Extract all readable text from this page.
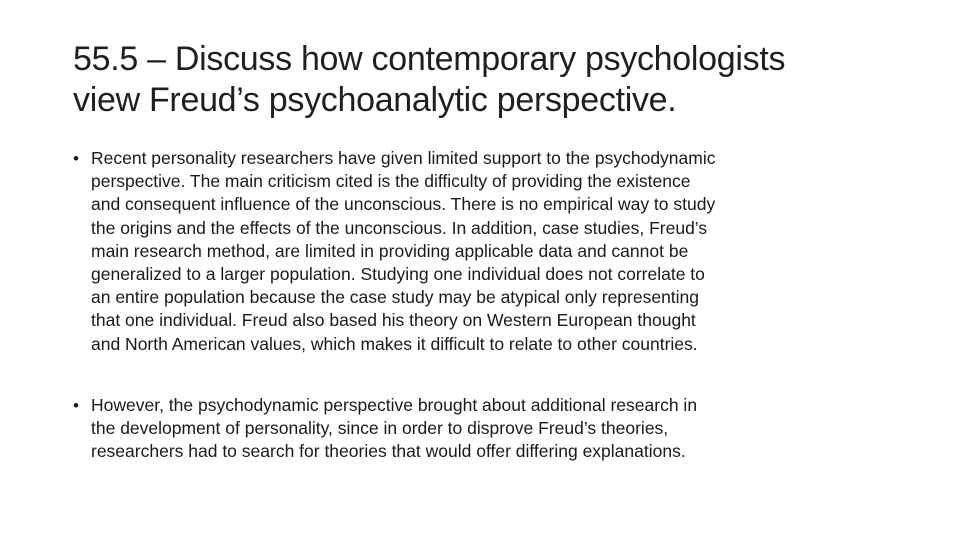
55.5 – Discuss how contemporary psychologists
view Freud’s psychoanalytic perspective.
• Recent personality researchers have given limited support to the psychodynamic
perspective. The main criticism cited is the difficulty of providing the existence
and consequent influence of the unconscious. There is no empirical way to study
the origins and the effects of the unconscious. In addition, case studies, Freud’s
main research method, are limited in providing applicable data and cannot be
generalized to a larger population. Studying one individual does not correlate to
an entire population because the case study may be atypical only representing
that one individual. Freud also based his theory on Western European thought
and North American values, which makes it difficult to relate to other countries.
• However, the psychodynamic perspective brought about additional research in
the development of personality, since in order to disprove Freud’s theories,
researchers had to search for theories that would offer differing explanations.
